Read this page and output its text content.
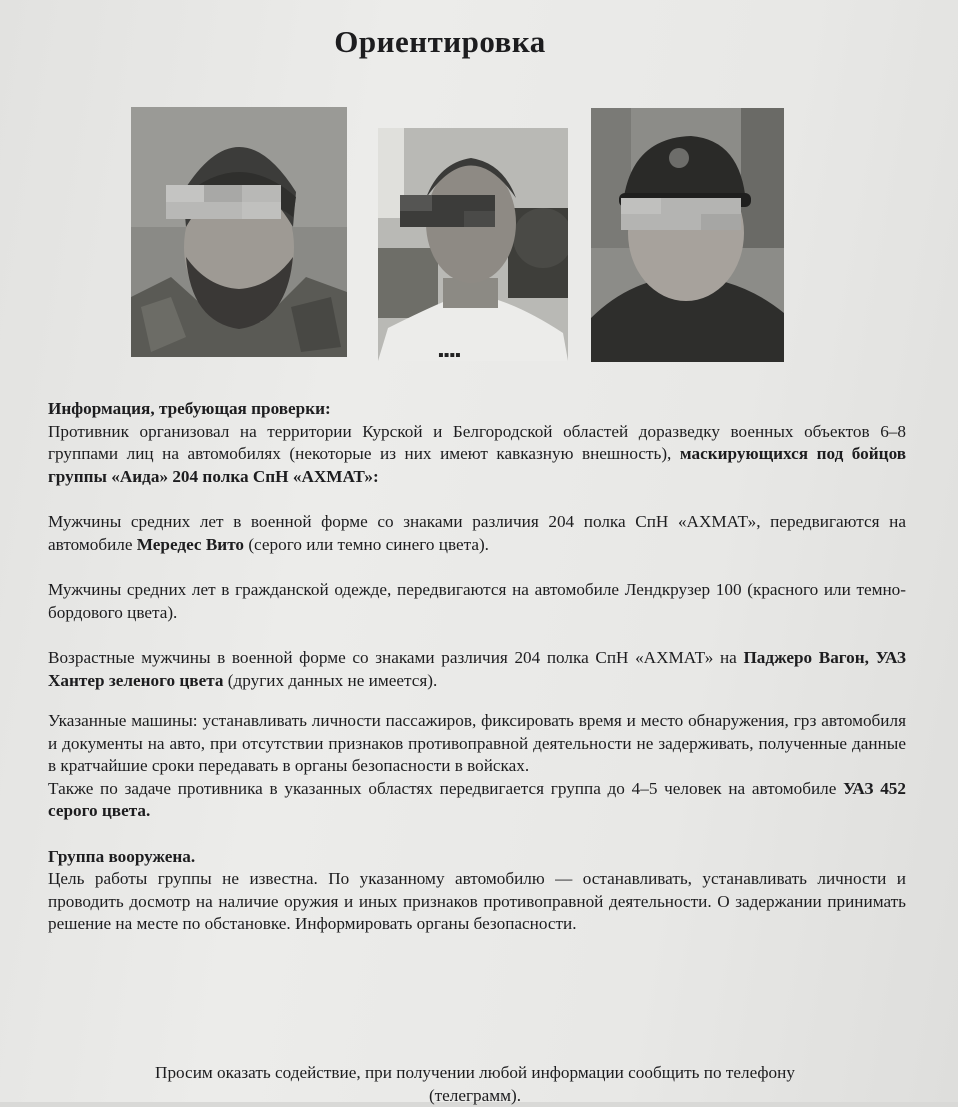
Ориентировка
▪▪▪▪

Информация, требующая проверки:

Противник организовал на территории Курской и Белгородской областей доразведку военных объектов 6–8 группами лиц на автомобилях (некоторые из них имеют кавказную внешность), маскирующихся под бойцов группы «Аида» 204 полка СпН «АХМАТ»:

Мужчины средних лет в военной форме со знаками различия 204 полка СпН «АХМАТ», передвигаются на автомобиле Мередес Вито (серого или темно синего цвета).

Мужчины средних лет в гражданской одежде, передвигаются на автомобиле Лендкрузер 100 (красного или темно-бордового цвета).

Возрастные мужчины в военной форме со знаками различия 204 полка СпН «АХМАТ» на Паджеро Вагон, УАЗ Хантер зеленого цвета (других данных не имеется).

Указанные машины: устанавливать личности пассажиров, фиксировать время и место обнаружения, грз автомобиля и документы на авто, при отсутствии признаков противоправной деятельности не задерживать, полученные данные в кратчайшие сроки передавать в органы безопасности в войсках.

Также по задаче противника в указанных областях передвигается группа до 4–5 человек на автомобиле УАЗ 452 серого цвета.

Группа вооружена.

Цель работы группы не известна. По указанному автомобилю — останавливать, устанавливать личности и проводить досмотр на наличие оружия и иных признаков противоправной деятельности. О задержании принимать решение на месте по обстановке. Информировать органы безопасности.

Просим оказать содействие, при получении любой информации сообщить по телефону
(телеграмм).
